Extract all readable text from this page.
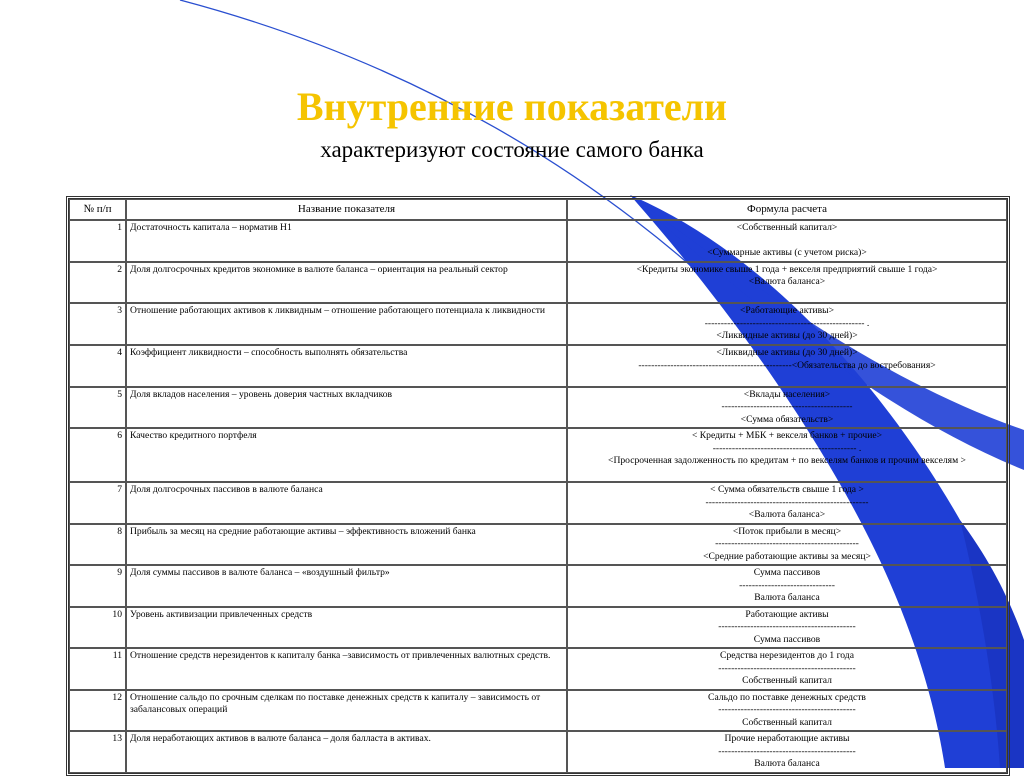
Внутренние показатели
характеризуют состояние самого банка
№ п/п	Название показателя	Формула расчета
1	Достаточность капитала – норматив Н1	<Собственный капитал>

<Суммарные активы (с учетом риска)>

2	Доля долгосрочных кредитов экономике в валюте баланса – ориентация на реальный сектор	<Кредиты экономике свыше 1 года + векселя предприятий свыше 1 года>
<Валюта баланса>

3	Отношение работающих активов к ликвидным – отношение работающего потенциала к ликвидности	<Работающие активы>
-------------------------------------------------- .
<Ликвидные активы (до 30 дней)>

4	Коэффициент ликвидности – способность выполнять обязательства	<Ликвидные активы (до 30 дней)>
------------------------------------------------<Обязательства до востребования>

5	Доля вкладов населения – уровень доверия частных вкладчиков	<Вклады населения>
-----------------------------------------
<Сумма обязательств>

6	Качество кредитного портфеля	< Кредиты + МБК + векселя банков + прочие>
--------------------------------------------- .
<Просроченная задолженность по кредитам + по векселям банков и прочим векселям >

7	Доля долгосрочных пассивов в валюте баланса	< Сумма обязательств свыше 1 года >
---------------------------------------------------
<Валюта баланса>

8	Прибыль за месяц на средние работающие активы – эффективность вложений банка	<Поток прибыли в месяц>
---------------------------------------------
<Средние работающие активы за месяц>

9	Доля суммы пассивов в валюте баланса – «воздушный фильтр»	Сумма пассивов
------------------------------
Валюта баланса

10	Уровень активизации привлеченных средств	Работающие активы
-------------------------------------------
Сумма пассивов

11	Отношение средств нерезидентов к капиталу банка –зависимость от привлеченных валютных средств.	Средства нерезидентов до 1 года
-------------------------------------------
Собственный капитал

12	Отношение сальдо по срочным сделкам по поставке денежных средств к капиталу – зависимость от забалансовых операций	Сальдо по поставке денежных средств
-------------------------------------------
Собственный капитал

13	Доля неработающих активов в валюте баланса – доля балласта в активах.	Прочие неработающие активы
-------------------------------------------
Валюта баланса
